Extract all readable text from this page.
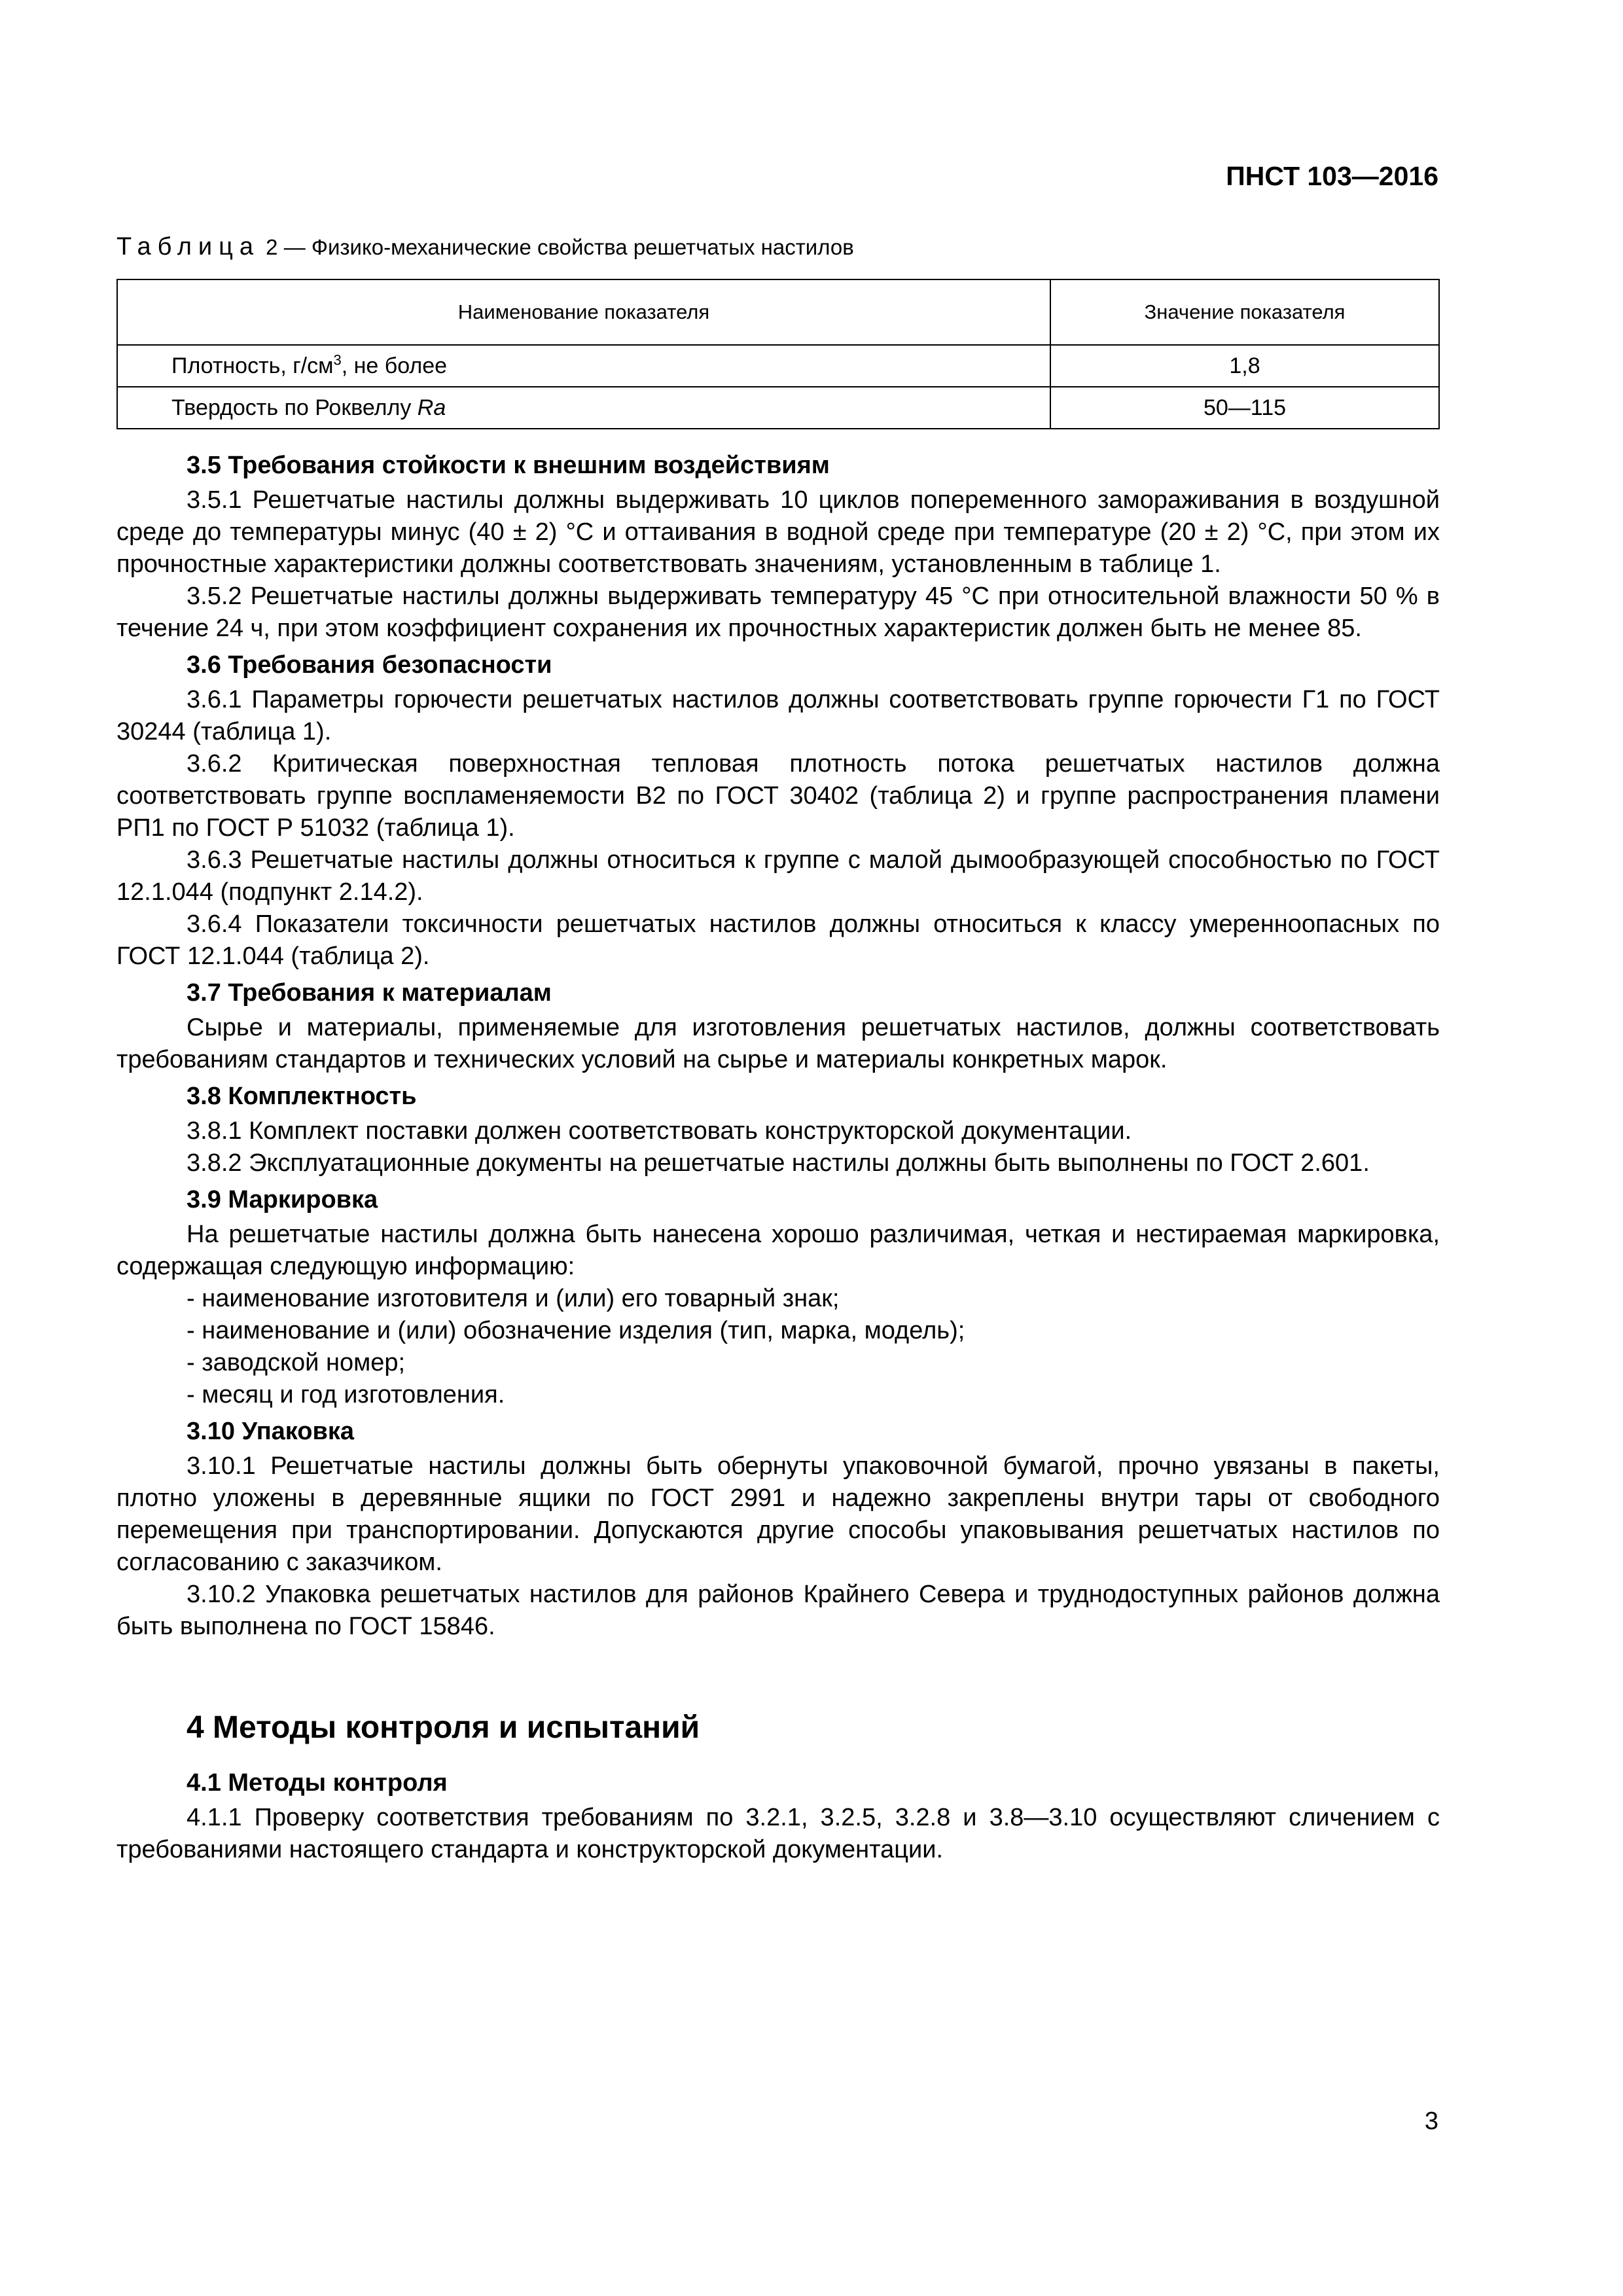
ПНСТ 103—2016
Таблица 2 — Физико-механические свойства решетчатых настилов
Наименование показателя	Значение показателя
Плотность, $г/см^3$, не более	1,8
Твердость по Роквеллу Ra	50—115
3.5 Требования стойкости к внешним воздействиям

3.5.1 Решетчатые настилы должны выдерживать 10 циклов попеременного замораживания в воздушной среде до температуры минус (40 ± 2) °С и оттаивания в водной среде при температуре (20 ± 2) °С, при этом их прочностные характеристики должны соответствовать значениям, установленным в таблице 1.

3.5.2 Решетчатые настилы должны выдерживать температуру 45 °С при относительной влажности 50 % в течение 24 ч, при этом коэффициент сохранения их прочностных характеристик должен быть не менее 85.

3.6 Требования безопасности

3.6.1 Параметры горючести решетчатых настилов должны соответствовать группе горючести Г1 по ГОСТ 30244 (таблица 1).

3.6.2 Критическая поверхностная тепловая плотность потока решетчатых настилов должна соответствовать группе воспламеняемости В2 по ГОСТ 30402 (таблица 2) и группе распространения пламени РП1 по ГОСТ Р 51032 (таблица 1).

3.6.3 Решетчатые настилы должны относиться к группе с малой дымообразующей способностью по ГОСТ 12.1.044 (подпункт 2.14.2).

3.6.4 Показатели токсичности решетчатых настилов должны относиться к классу умеренноопасных по ГОСТ 12.1.044 (таблица 2).

3.7 Требования к материалам

Сырье и материалы, применяемые для изготовления решетчатых настилов, должны соответствовать требованиям стандартов и технических условий на сырье и материалы конкретных марок.

3.8 Комплектность

3.8.1 Комплект поставки должен соответствовать конструкторской документации.

3.8.2 Эксплуатационные документы на решетчатые настилы должны быть выполнены по ГОСТ 2.601.

3.9 Маркировка

На решетчатые настилы должна быть нанесена хорошо различимая, четкая и нестираемая маркировка, содержащая следующую информацию:

- наименование изготовителя и (или) его товарный знак;

- наименование и (или) обозначение изделия (тип, марка, модель);

- заводской номер;

- месяц и год изготовления.

3.10 Упаковка

3.10.1 Решетчатые настилы должны быть обернуты упаковочной бумагой, прочно увязаны в пакеты, плотно уложены в деревянные ящики по ГОСТ 2991 и надежно закреплены внутри тары от свободного перемещения при транспортировании. Допускаются другие способы упаковывания решетчатых настилов по согласованию с заказчиком.

3.10.2 Упаковка решетчатых настилов для районов Крайнего Севера и труднодоступных районов должна быть выполнена по ГОСТ 15846.

4 Методы контроля и испытаний
4.1 Методы контроля

4.1.1 Проверку соответствия требованиям по 3.2.1, 3.2.5, 3.2.8 и 3.8—3.10 осуществляют сличением с требованиями настоящего стандарта и конструкторской документации.

3
